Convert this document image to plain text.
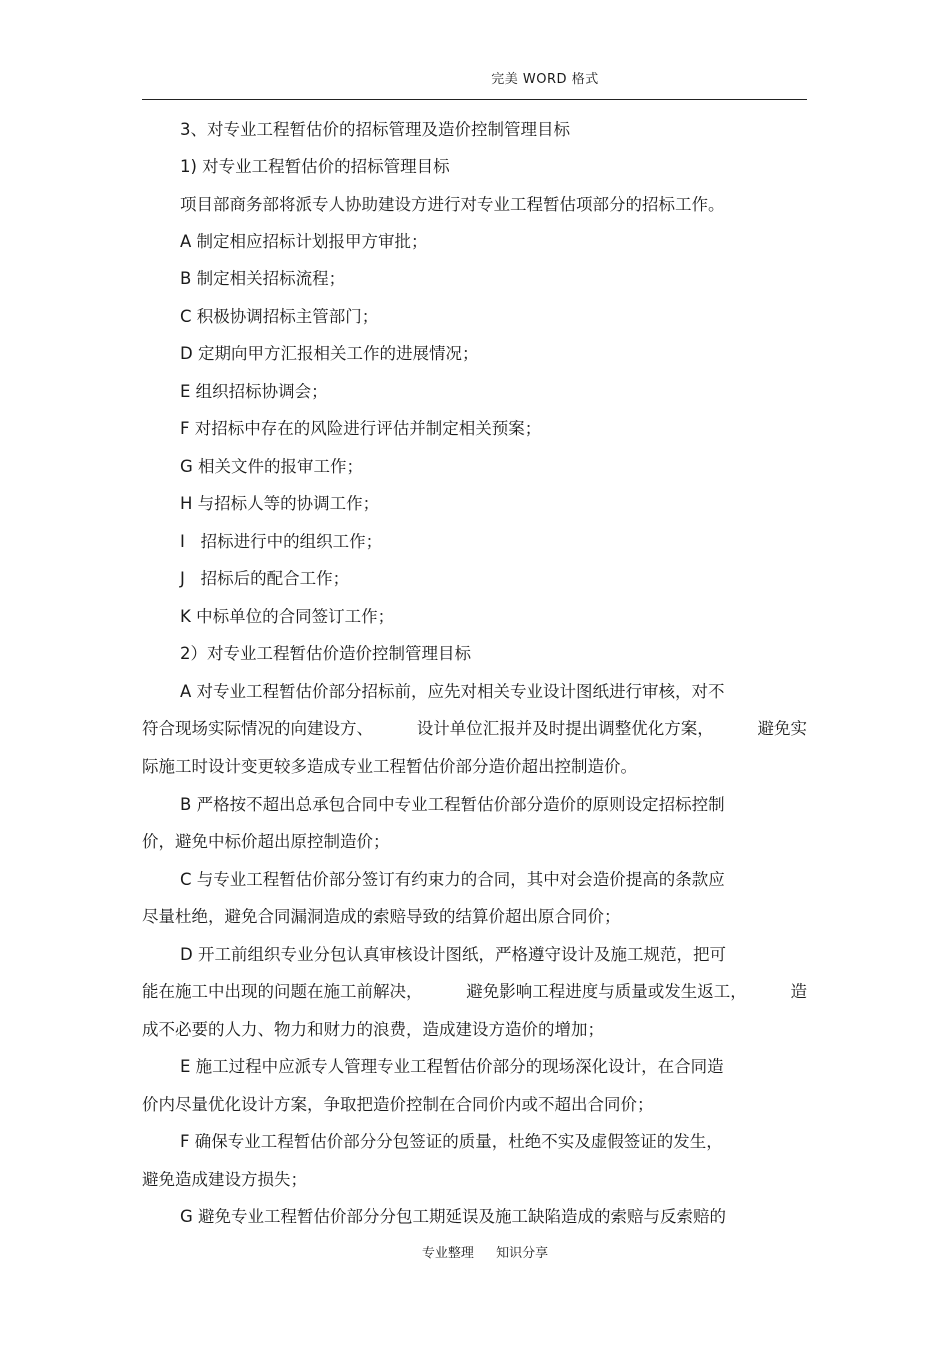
完美 WORD 格式
3、对专业工程暂估价的招标管理及造价控制管理目标
1) 对专业工程暂估价的招标管理目标
项目部商务部将派专人协助建设方进行对专业工程暂估项部分的招标工作。
A 制定相应招标计划报甲方审批；
B 制定相关招标流程；
C 积极协调招标主管部门；
D 定期向甲方汇报相关工作的进展情况；
E 组织招标协调会；
F 对招标中存在的风险进行评估并制定相关预案；
G 相关文件的报审工作；
H 与招标人等的协调工作；
I   招标进行中的组织工作；
J   招标后的配合工作；
K 中标单位的合同签订工作；
2）对专业工程暂估价造价控制管理目标
A 对专业工程暂估价部分招标前，应先对相关专业设计图纸进行审核，对不
符合现场实际情况的向建设方、	设计单位汇报并及时提出调整优化方案，	避免实
际施工时设计变更较多造成专业工程暂估价部分造价超出控制造价。
B 严格按不超出总承包合同中专业工程暂估价部分造价的原则设定招标控制
价，避免中标价超出原控制造价；
C 与专业工程暂估价部分签订有约束力的合同，其中对会造价提高的条款应
尽量杜绝，避免合同漏洞造成的索赔导致的结算价超出原合同价；
D 开工前组织专业分包认真审核设计图纸，严格遵守设计及施工规范，把可
能在施工中出现的问题在施工前解决，	避免影响工程进度与质量或发生返工，	造
成不必要的人力、物力和财力的浪费，造成建设方造价的增加；
E 施工过程中应派专人管理专业工程暂估价部分的现场深化设计，在合同造
价内尽量优化设计方案，争取把造价控制在合同价内或不超出合同价；
F 确保专业工程暂估价部分分包签证的质量，杜绝不实及虚假签证的发生，
避免造成建设方损失；
G 避免专业工程暂估价部分分包工期延误及施工缺陷造成的索赔与反索赔的
专业整理 知识分享
